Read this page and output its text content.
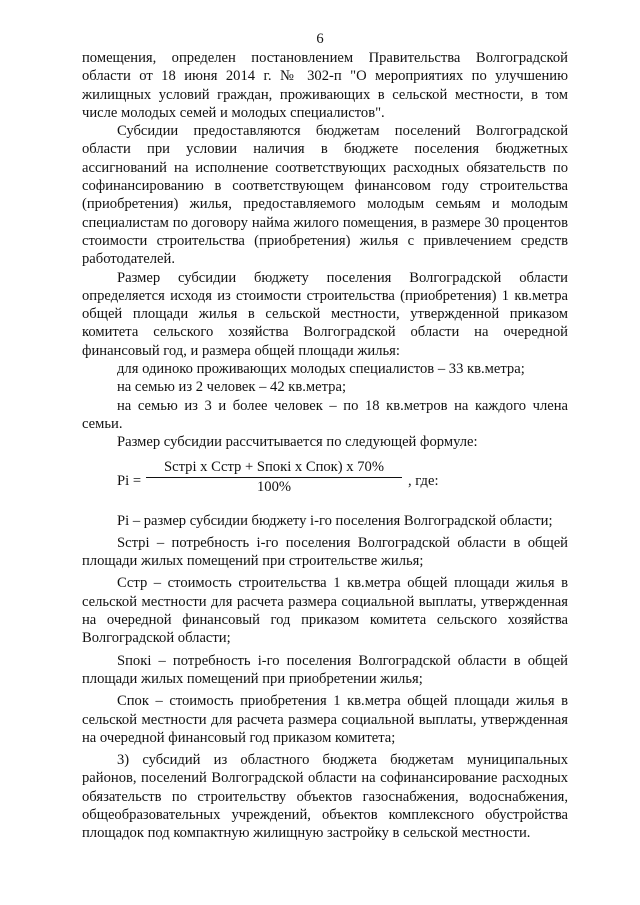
6

помещения, определен постановлением Правительства Волгоградской области от 18 июня 2014 г. № 302-п "О мероприятиях по улучшению жилищных условий граждан, проживающих в сельской местности, в том числе молодых семей и молодых специалистов".

Субсидии предоставляются бюджетам поселений Волгоградской области при условии наличия в бюджете поселения бюджетных ассигнований на исполнение соответствующих расходных обязательств по софинансированию в соответствующем финансовом году строительства (приобретения) жилья, предоставляемого молодым семьям и молодым специалистам по договору найма жилого помещения, в размере 30 процентов стоимости строительства (приобретения) жилья с привлечением средств работодателей.

Размер субсидии бюджету поселения Волгоградской области определяется исходя из стоимости строительства (приобретения) 1 кв.метра общей площади жилья в сельской местности, утвержденной приказом комитета сельского хозяйства Волгоградской области на очередной финансовый год, и размера общей площади жилья:

для одиноко проживающих молодых специалистов – 33 кв.метра;

на семью из 2 человек – 42 кв.метра;

на семью из 3 и более человек – по 18 кв.метров на каждого члена семьи.

Размер субсидии рассчитывается по следующей формуле:

Pi =
Sстрi х Сстр + Sпокi х Спок) х 70%
100%	, где:

Pi – размер субсидии бюджету i-го поселения Волгоградской области;

Sстрi – потребность i-го поселения Волгоградской области в общей площади жилых помещений при строительстве жилья;

Сстр – стоимость строительства 1 кв.метра общей площади жилья в сельской местности для расчета размера социальной выплаты, утвержденная на очередной финансовый год приказом комитета сельского хозяйства Волгоградской области;

Sпокi – потребность i-го поселения Волгоградской области в общей площади жилых помещений при приобретении жилья;

Спок – стоимость приобретения 1 кв.метра общей площади жилья в сельской местности для расчета размера социальной выплаты, утвержденная на очередной финансовый год приказом комитета;

3) субсидий из областного бюджета бюджетам муниципальных районов, поселений Волгоградской области на софинансирование расходных обязательств по строительству объектов газоснабжения, водоснабжения, общеобразовательных учреждений, объектов комплексного обустройства площадок под компактную жилищную застройку в сельской местности.
